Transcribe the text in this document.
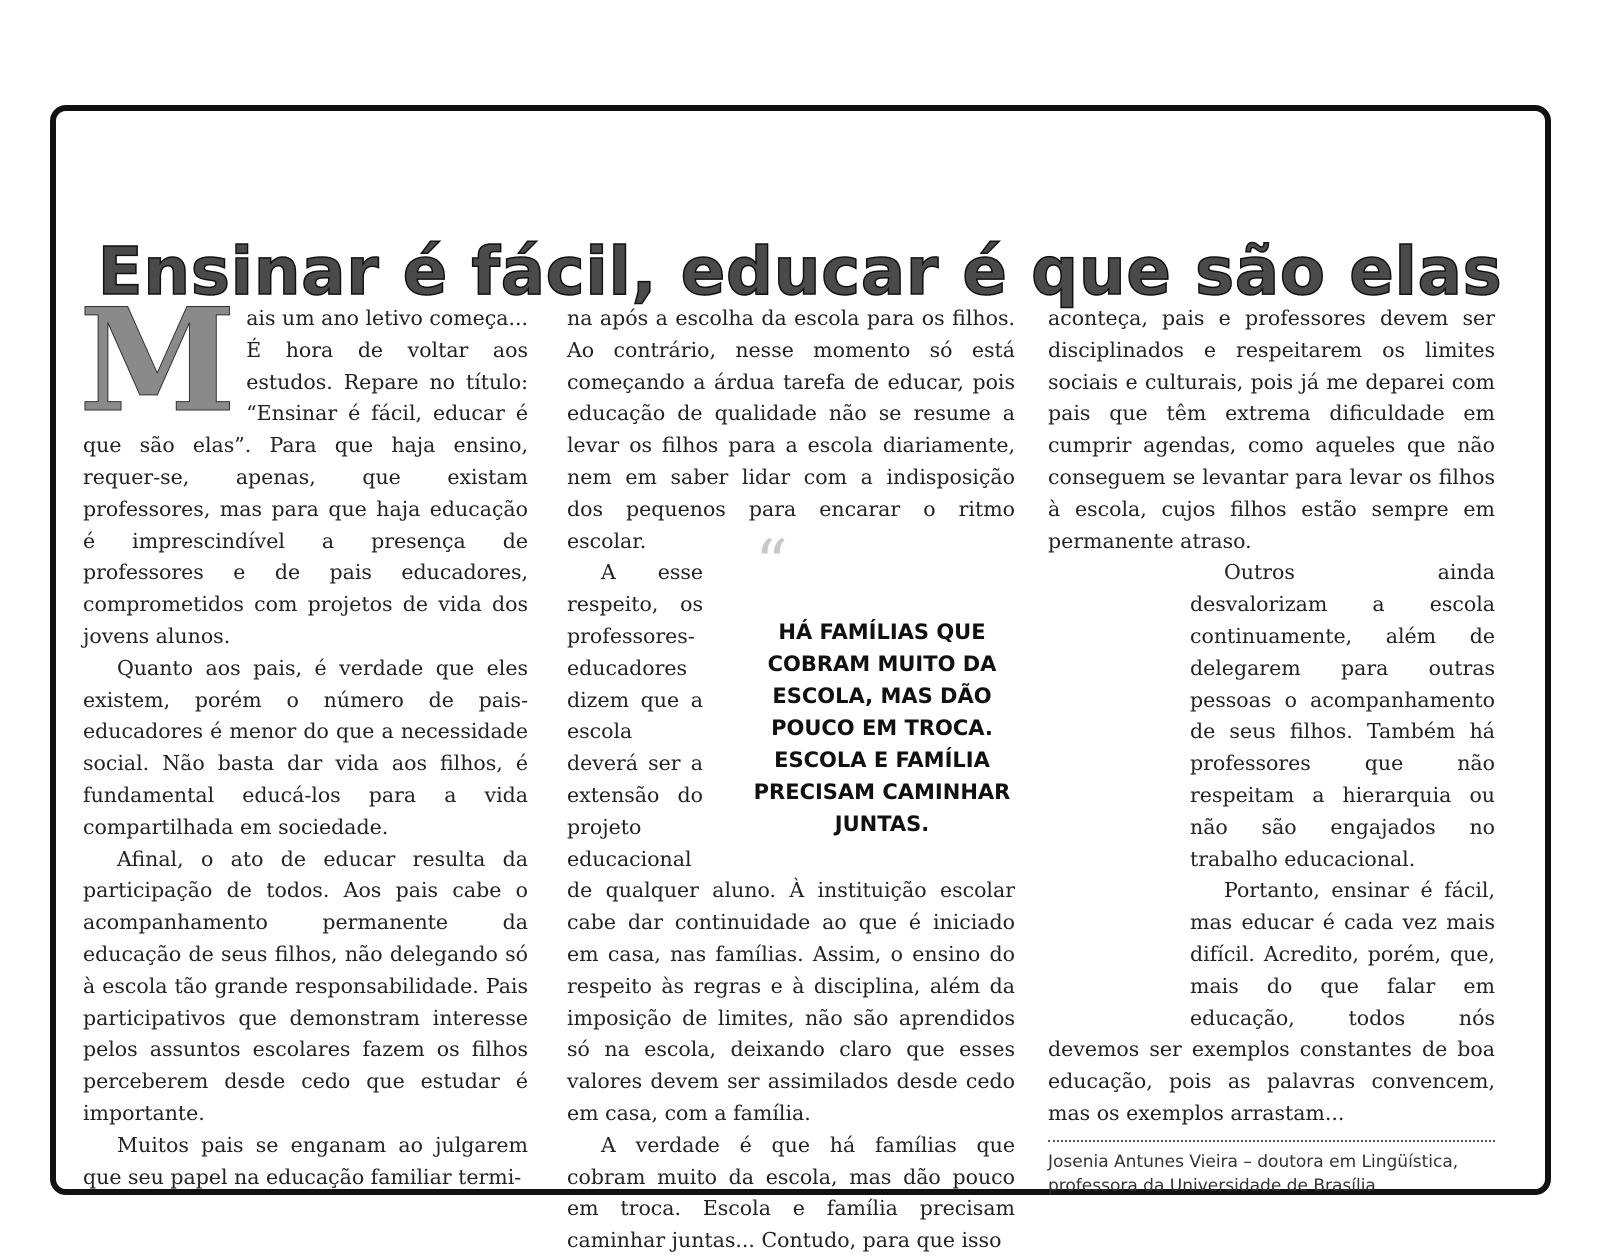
Ensinar é fácil, educar é que são elas
M ais um ano letivo começa... É hora de voltar aos estudos. Repare no título: “Ensinar é fácil, educar é que são elas”. Para que haja ensino, requer-se, apenas, que existam professores, mas para que haja educação é imprescindível a presença de professores e de pais educadores, comprometidos com projetos de vida dos jovens alunos.

Quanto aos pais, é verdade que eles existem, porém o número de pais-educadores é menor do que a necessidade social. Não basta dar vida aos filhos, é fundamental educá-los para a vida compartilhada em sociedade.

Afinal, o ato de educar resulta da participação de todos. Aos pais cabe o acompanhamento permanente da educação de seus filhos, não delegando só à escola tão grande responsabilidade. Pais participativos que demonstram interesse pelos assuntos escolares fazem os filhos perceberem desde cedo que estudar é importante.

Muitos pais se enganam ao julgarem que seu papel na educação familiar termi-

na após a escolha da escola para os filhos. Ao contrário, nesse momento só está começando a árdua tarefa de educar, pois educação de qualidade não se resume a levar os filhos para a escola diariamente, nem em saber lidar com a indisposição dos pequenos para encarar o ritmo escolar.	“
HÁ FAMÍLIAS QUE COBRAM MUITO DA ESCOLA, MAS DÃO POUCO EM TROCA. ESCOLA E FAMÍLIA PRECISAM CAMINHAR JUNTAS.

A esse respeito, os professores-educadores dizem que a escola deverá ser a extensão do projeto educacional de qualquer aluno. À instituição escolar cabe dar continuidade ao que é iniciado em casa, nas famílias. Assim, o ensino do respeito às regras e à disciplina, além da imposição de limites, não são aprendidos só na escola, deixando claro que esses valores devem ser assimilados desde cedo em casa, com a família.

A verdade é que há famílias que cobram muito da escola, mas dão pouco em troca. Escola e família precisam caminhar juntas... Contudo, para que isso

aconteça, pais e professores devem ser disciplinados e respeitarem os limites sociais e culturais, pois já me deparei com pais que têm extrema dificuldade em cumprir agendas, como aqueles que não conseguem se levantar para levar os filhos à escola, cujos filhos estão sempre em permanente atraso.

Outros ainda desvalorizam a escola continuamente, além de delegarem para outras pessoas o acompanhamento de seus filhos. Também há professores que não respeitam a hierarquia ou não são engajados no trabalho educacional.

Portanto, ensinar é fácil, mas educar é cada vez mais difícil. Acredito, porém, que, mais do que falar em educação, todos nós devemos ser exemplos constantes de boa educação, pois as palavras convencem, mas os exemplos arrastam...

Josenia Antunes Vieira – doutora em Lingüística, professora da Universidade de Brasília
